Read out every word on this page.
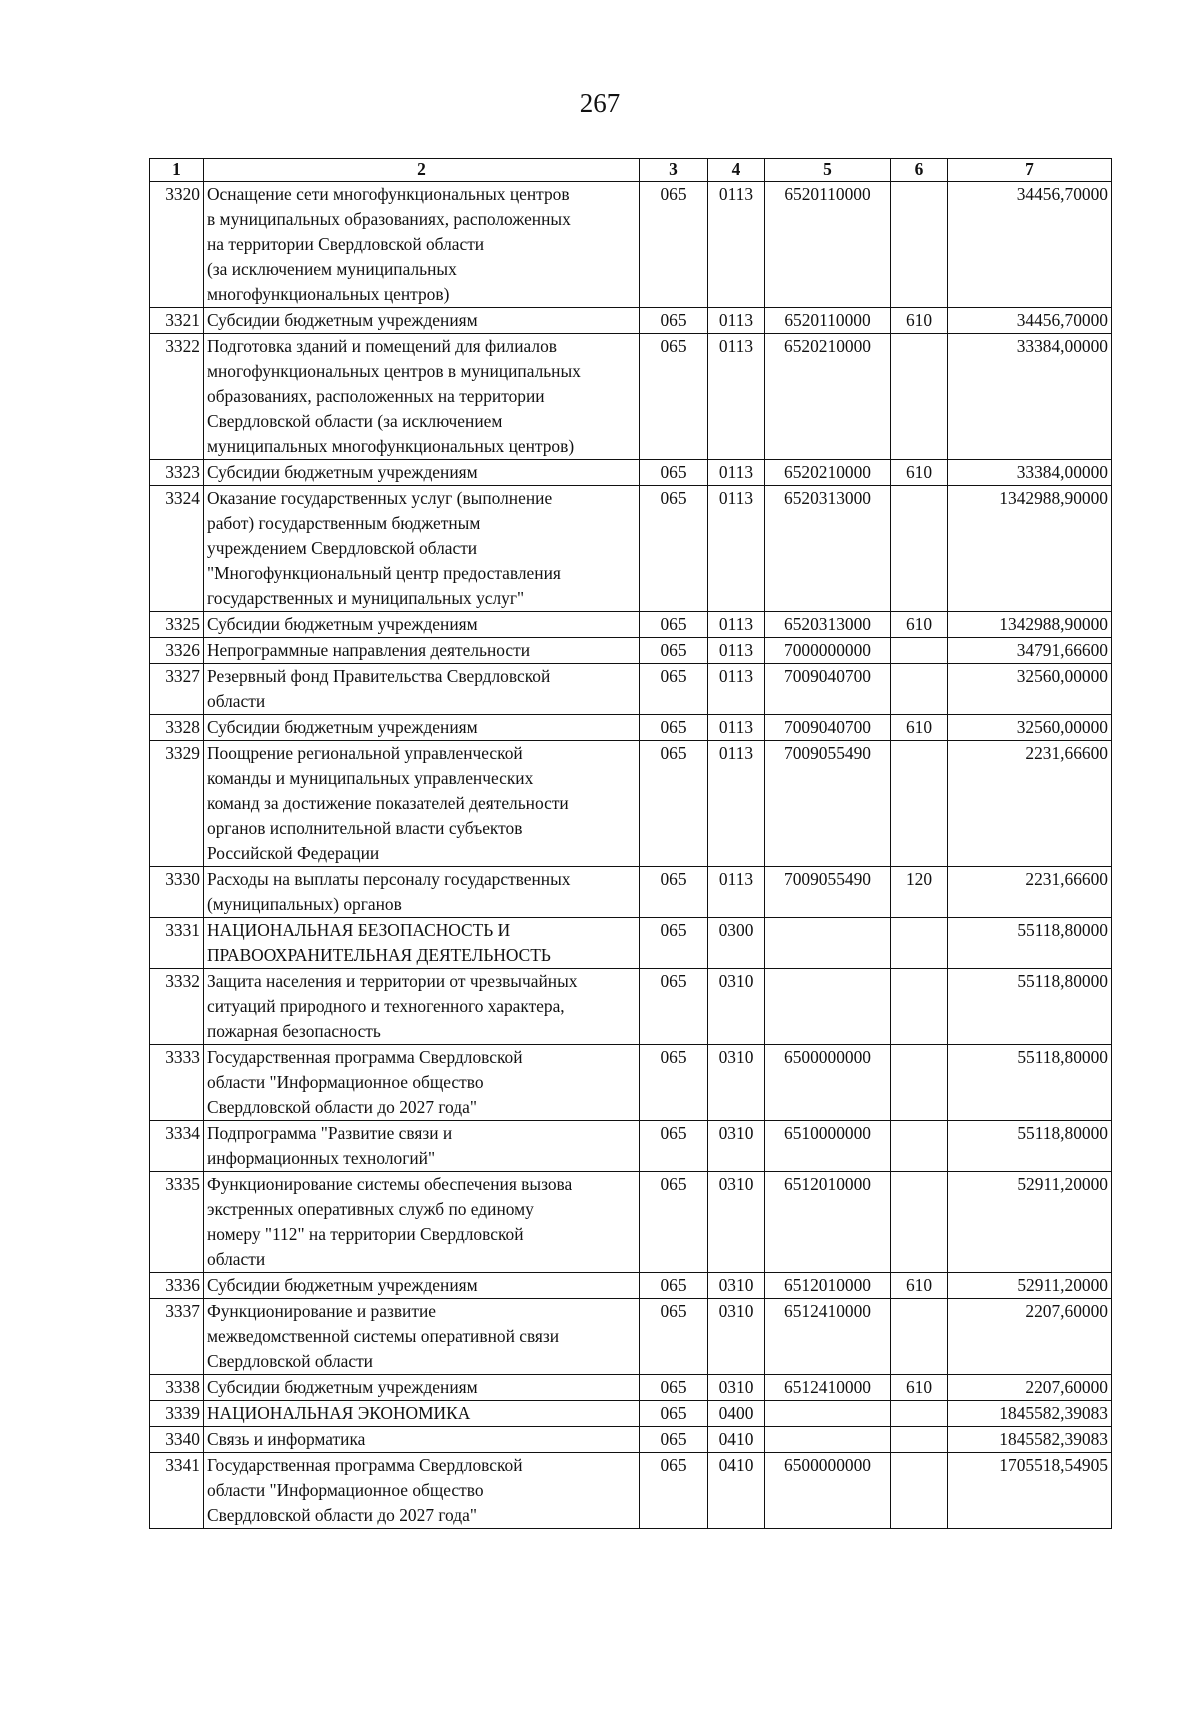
267
1	2	3	4	5	6	7
3320	Оснащение сети многофункциональных центров
в муниципальных образованиях, расположенных
на территории Свердловской области
(за исключением муниципальных
многофункциональных центров)	065	0113	6520110000		34456,70000
3321	Субсидии бюджетным учреждениям	065	0113	6520110000	610	34456,70000
3322	Подготовка зданий и помещений для филиалов
многофункциональных центров в муниципальных
образованиях, расположенных на территории
Свердловской области (за исключением
муниципальных многофункциональных центров)	065	0113	6520210000		33384,00000
3323	Субсидии бюджетным учреждениям	065	0113	6520210000	610	33384,00000
3324	Оказание государственных услуг (выполнение
работ) государственным бюджетным
учреждением Свердловской области
"Многофункциональный центр предоставления
государственных и муниципальных услуг"	065	0113	6520313000		1342988,90000
3325	Субсидии бюджетным учреждениям	065	0113	6520313000	610	1342988,90000
3326	Непрограммные направления деятельности	065	0113	7000000000		34791,66600
3327	Резервный фонд Правительства Свердловской
области	065	0113	7009040700		32560,00000
3328	Субсидии бюджетным учреждениям	065	0113	7009040700	610	32560,00000
3329	Поощрение региональной управленческой
команды и муниципальных управленческих
команд за достижение показателей деятельности
органов исполнительной власти субъектов
Российской Федерации	065	0113	7009055490		2231,66600
3330	Расходы на выплаты персоналу государственных
(муниципальных) органов	065	0113	7009055490	120	2231,66600
3331	НАЦИОНАЛЬНАЯ БЕЗОПАСНОСТЬ И
ПРАВООХРАНИТЕЛЬНАЯ ДЕЯТЕЛЬНОСТЬ	065	0300			55118,80000
3332	Защита населения и территории от чрезвычайных
ситуаций природного и техногенного характера,
пожарная безопасность	065	0310			55118,80000
3333	Государственная программа Свердловской
области "Информационное общество
Свердловской области до 2027 года"	065	0310	6500000000		55118,80000
3334	Подпрограмма "Развитие связи и
информационных технологий"	065	0310	6510000000		55118,80000
3335	Функционирование системы обеспечения вызова
экстренных оперативных служб по единому
номеру "112" на территории Свердловской
области	065	0310	6512010000		52911,20000
3336	Субсидии бюджетным учреждениям	065	0310	6512010000	610	52911,20000
3337	Функционирование и развитие
межведомственной системы оперативной связи
Свердловской области	065	0310	6512410000		2207,60000
3338	Субсидии бюджетным учреждениям	065	0310	6512410000	610	2207,60000
3339	НАЦИОНАЛЬНАЯ ЭКОНОМИКА	065	0400			1845582,39083
3340	Связь и информатика	065	0410			1845582,39083
3341	Государственная программа Свердловской
области "Информационное общество
Свердловской области до 2027 года"	065	0410	6500000000		1705518,54905
